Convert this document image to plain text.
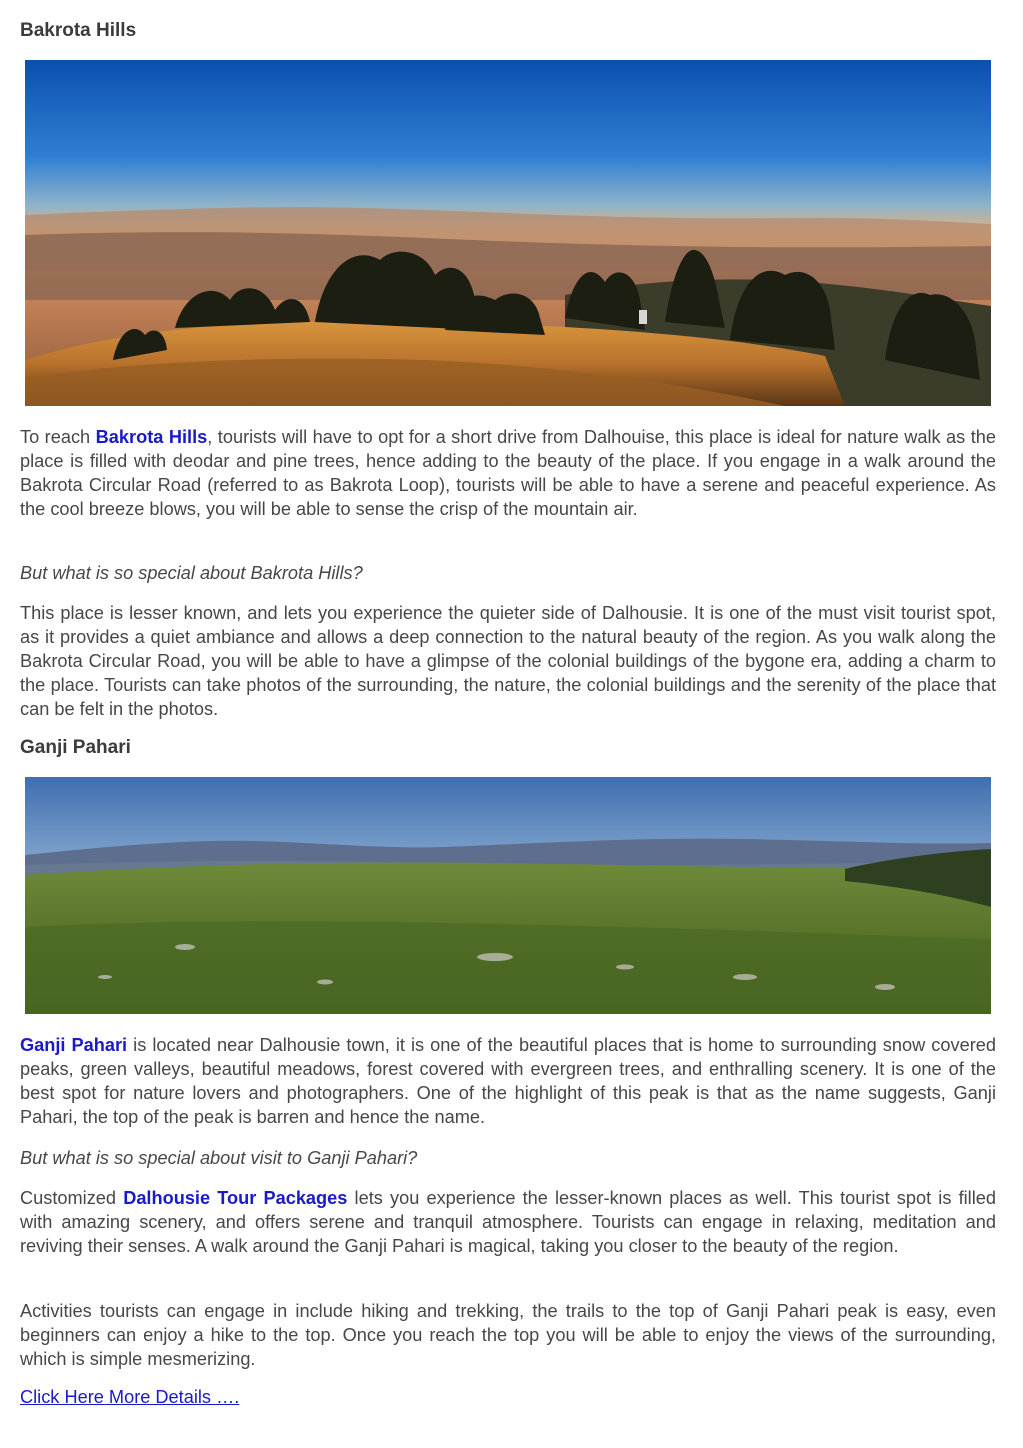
Bakrota Hills

To reach Bakrota Hills, tourists will have to opt for a short drive from Dalhouise, this place is ideal for nature walk as the place is filled with deodar and pine trees, hence adding to the beauty of the place. If you engage in a walk around the Bakrota Circular Road (referred to as Bakrota Loop), tourists will be able to have a serene and peaceful experience. As the cool breeze blows, you will be able to sense the crisp of the mountain air.

But what is so special about Bakrota Hills?

This place is lesser known, and lets you experience the quieter side of Dalhousie. It is one of the must visit tourist spot, as it provides a quiet ambiance and allows a deep connection to the natural beauty of the region. As you walk along the Bakrota Circular Road, you will be able to have a glimpse of the colonial buildings of the bygone era, adding a charm to the place. Tourists can take photos of the surrounding, the nature, the colonial buildings and the serenity of the place that can be felt in the photos.

Ganji Pahari

Ganji Pahari is located near Dalhousie town, it is one of the beautiful places that is home to surrounding snow covered peaks, green valleys, beautiful meadows, forest covered with evergreen trees, and enthralling scenery. It is one of the best spot for nature lovers and photographers. One of the highlight of this peak is that as the name suggests, Ganji Pahari, the top of the peak is barren and hence the name.

But what is so special about visit to Ganji Pahari?

Customized Dalhousie Tour Packages lets you experience the lesser-known places as well. This tourist spot is filled with amazing scenery, and offers serene and tranquil atmosphere. Tourists can engage in relaxing, meditation and reviving their senses. A walk around the Ganji Pahari is magical, taking you closer to the beauty of the region.

Activities tourists can engage in include hiking and trekking, the trails to the top of Ganji Pahari peak is easy, even beginners can enjoy a hike to the top. Once you reach the top you will be able to enjoy the views of the surrounding, which is simple mesmerizing.

Click Here More Details ….
